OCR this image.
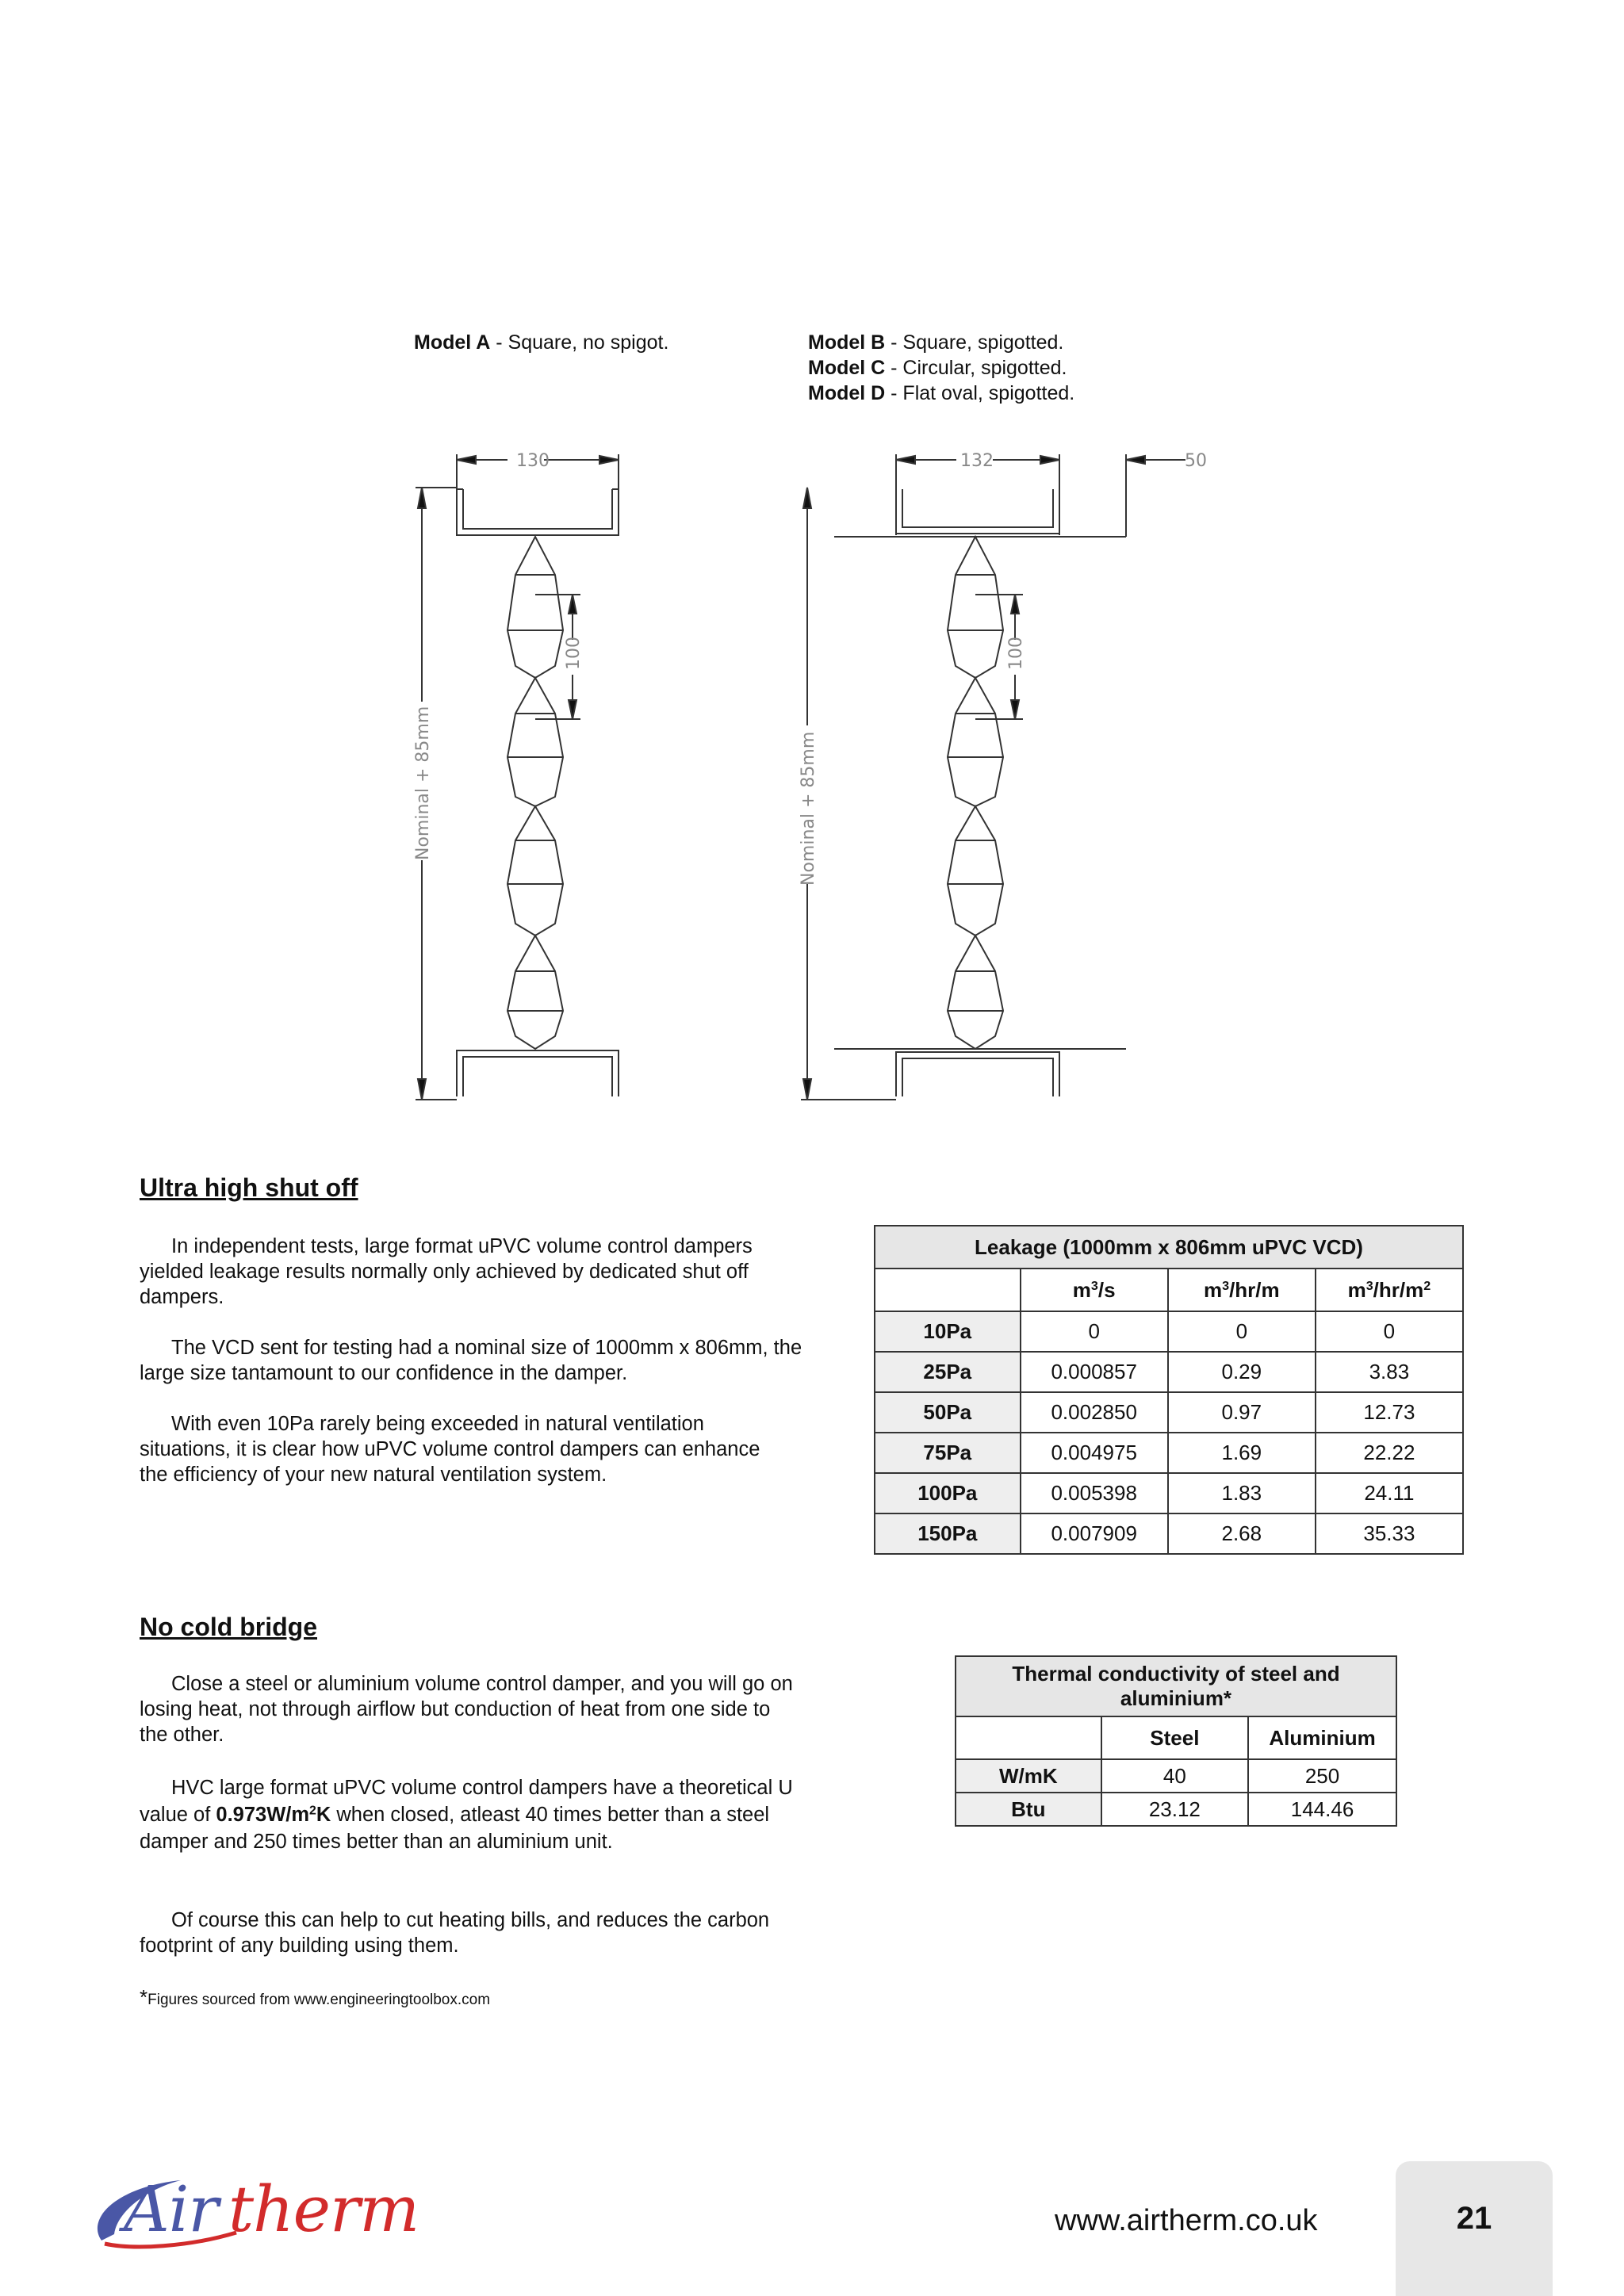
Model A - Square, no spigot.	Model B - Square, spigotted.
Model C - Circular, spigotted.
Model D - Flat oval, spigotted.
130
100
Nominal + 85mm
132	50
100
Nominal + 85mm
Ultra high shut off
In independent tests, large format uPVC volume control dampers yielded leakage results normally only achieved by dedicated shut off dampers.
The VCD sent for testing had a nominal size of 1000mm x 806mm, the large size tantamount to our confidence in the damper.
With even 10Pa rarely being exceeded in natural ventilation situations, it is clear how uPVC volume control dampers can enhance the efficiency of your new natural ventilation system.
Leakage (1000mm x 806mm uPVC VCD)			
	$m^3/s$	$m^3/hr/m$	$m^3/hr/m^2$
10Pa	0	0	0
25Pa	0.000857	0.29	3.83
50Pa	0.002850	0.97	12.73
75Pa	0.004975	1.69	22.22
100Pa	0.005398	1.83	24.11
150Pa	0.007909	2.68	35.33
No cold bridge
Close a steel or aluminium volume control damper, and you will go on losing heat, not through airflow but conduction of heat from one side to the other.
HVC large format uPVC volume control dampers have a theoretical U value of $0.973W/m^2K$ when closed, atleast 40 times better than a steel damper and 250 times better than an aluminium unit.
Of course this can help to cut heating bills, and reduces the carbon footprint of any building using them.
*Figures sourced from www.engineeringtoolbox.com
Thermal conductivity of steel and aluminium*		
	Steel	Aluminium
W/mK	40	250
Btu	23.12	144.46
Air therm	www.airtherm.co.uk	21
